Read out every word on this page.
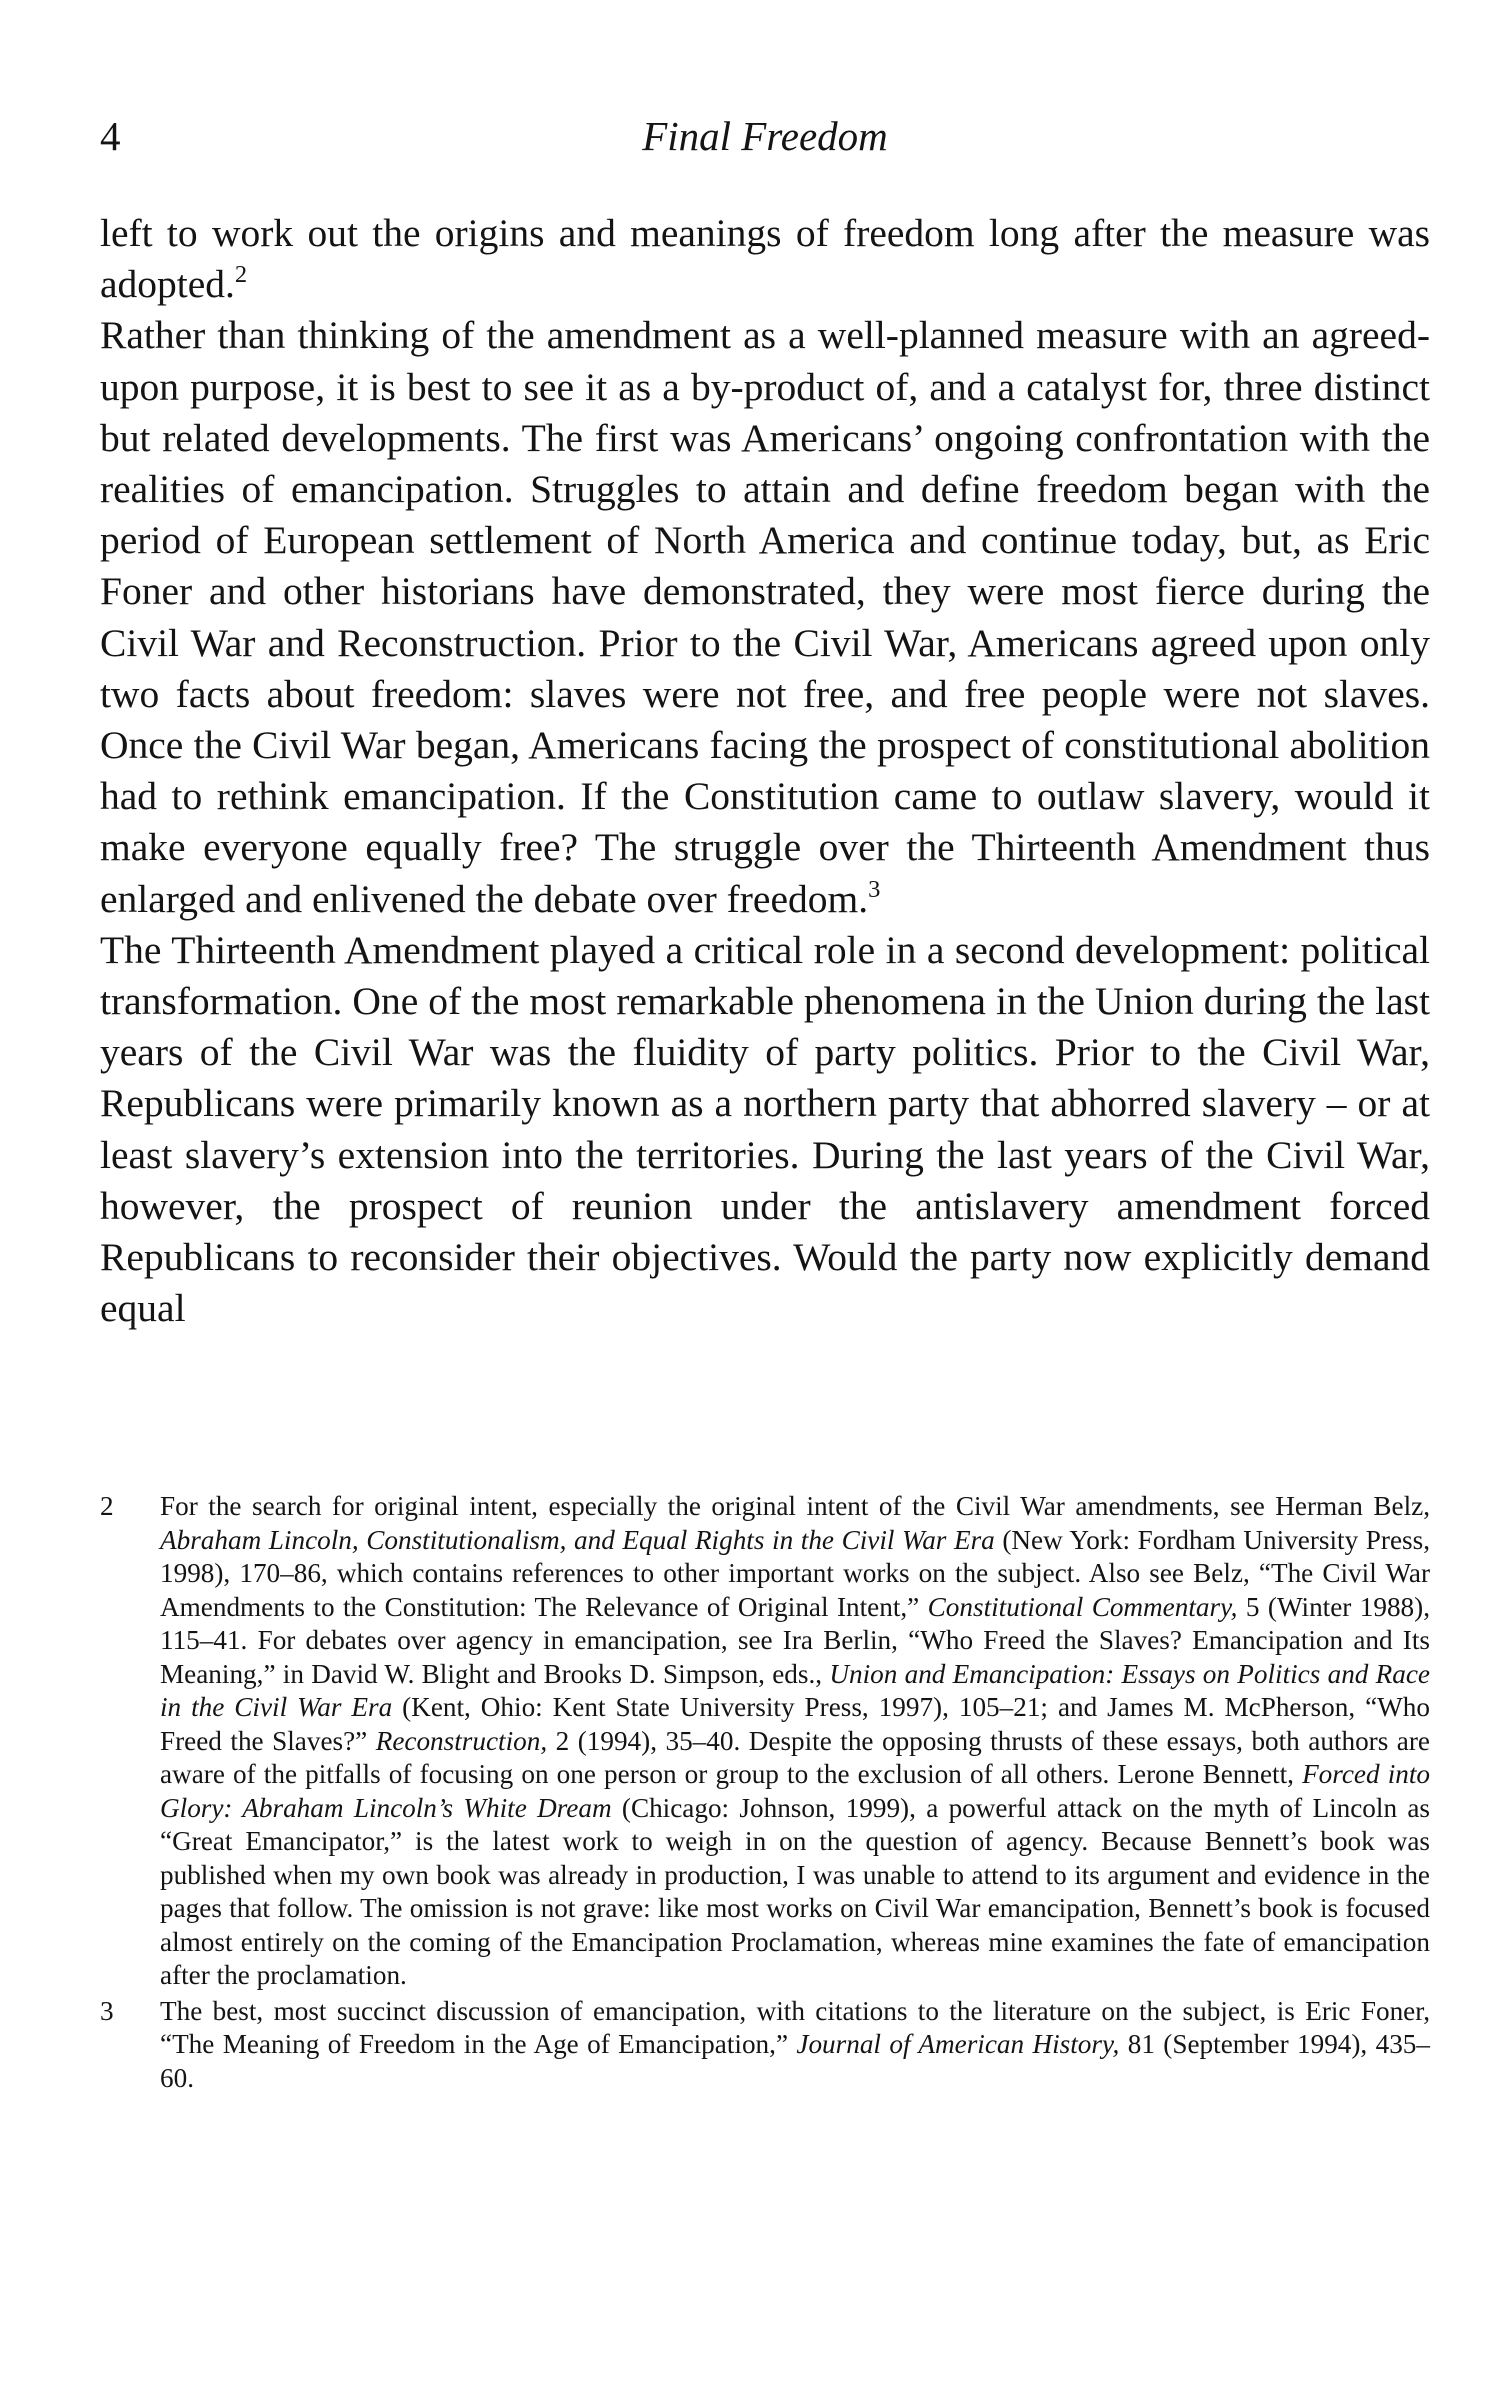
4	Final Freedom

left to work out the origins and meanings of freedom long after the measure was adopted.$^2$

Rather than thinking of the amendment as a well-planned measure with an agreed-upon purpose, it is best to see it as a by-product of, and a catalyst for, three distinct but related developments. The first was Americans’ ongoing confrontation with the realities of emancipation. Struggles to attain and define freedom began with the period of European settlement of North America and continue today, but, as Eric Foner and other historians have demonstrated, they were most fierce during the Civil War and Reconstruction. Prior to the Civil War, Americans agreed upon only two facts about freedom: slaves were not free, and free people were not slaves. Once the Civil War began, Americans facing the prospect of constitutional abolition had to rethink emancipation. If the Constitution came to outlaw slavery, would it make everyone equally free? The struggle over the Thirteenth Amendment thus enlarged and enlivened the debate over freedom.$^3$

The Thirteenth Amendment played a critical role in a second development: political transformation. One of the most remarkable phenomena in the Union during the last years of the Civil War was the fluidity of party politics. Prior to the Civil War, Republicans were primarily known as a northern party that abhorred slavery – or at least slavery’s extension into the territories. During the last years of the Civil War, however, the prospect of reunion under the antislavery amendment forced Republicans to reconsider their objectives. Would the party now explicitly demand equal

2 For the search for original intent, especially the original intent of the Civil War amendments, see Herman Belz, Abraham Lincoln, Constitutionalism, and Equal Rights in the Civil War Era (New York: Fordham University Press, 1998), 170–86, which contains references to other important works on the subject. Also see Belz, “The Civil War Amendments to the Constitution: The Relevance of Original Intent,” Constitutional Commentary, 5 (Winter 1988), 115–41. For debates over agency in emancipation, see Ira Berlin, “Who Freed the Slaves? Emancipation and Its Meaning,” in David W. Blight and Brooks D. Simpson, eds., Union and Emancipation: Essays on Politics and Race in the Civil War Era (Kent, Ohio: Kent State University Press, 1997), 105–21; and James M. McPherson, “Who Freed the Slaves?” Reconstruction, 2 (1994), 35–40. Despite the opposing thrusts of these essays, both authors are aware of the pitfalls of focusing on one person or group to the exclusion of all others. Lerone Bennett, Forced into Glory: Abraham Lincoln’s White Dream (Chicago: Johnson, 1999), a powerful attack on the myth of Lincoln as “Great Emancipator,” is the latest work to weigh in on the question of agency. Because Bennett’s book was published when my own book was already in production, I was unable to attend to its argument and evidence in the pages that follow. The omission is not grave: like most works on Civil War emancipation, Bennett’s book is focused almost entirely on the coming of the Emancipation Proclamation, whereas mine examines the fate of emancipation after the proclamation.
3 The best, most succinct discussion of emancipation, with citations to the literature on the subject, is Eric Foner, “The Meaning of Freedom in the Age of Emancipation,” Journal of American History, 81 (September 1994), 435–60.
